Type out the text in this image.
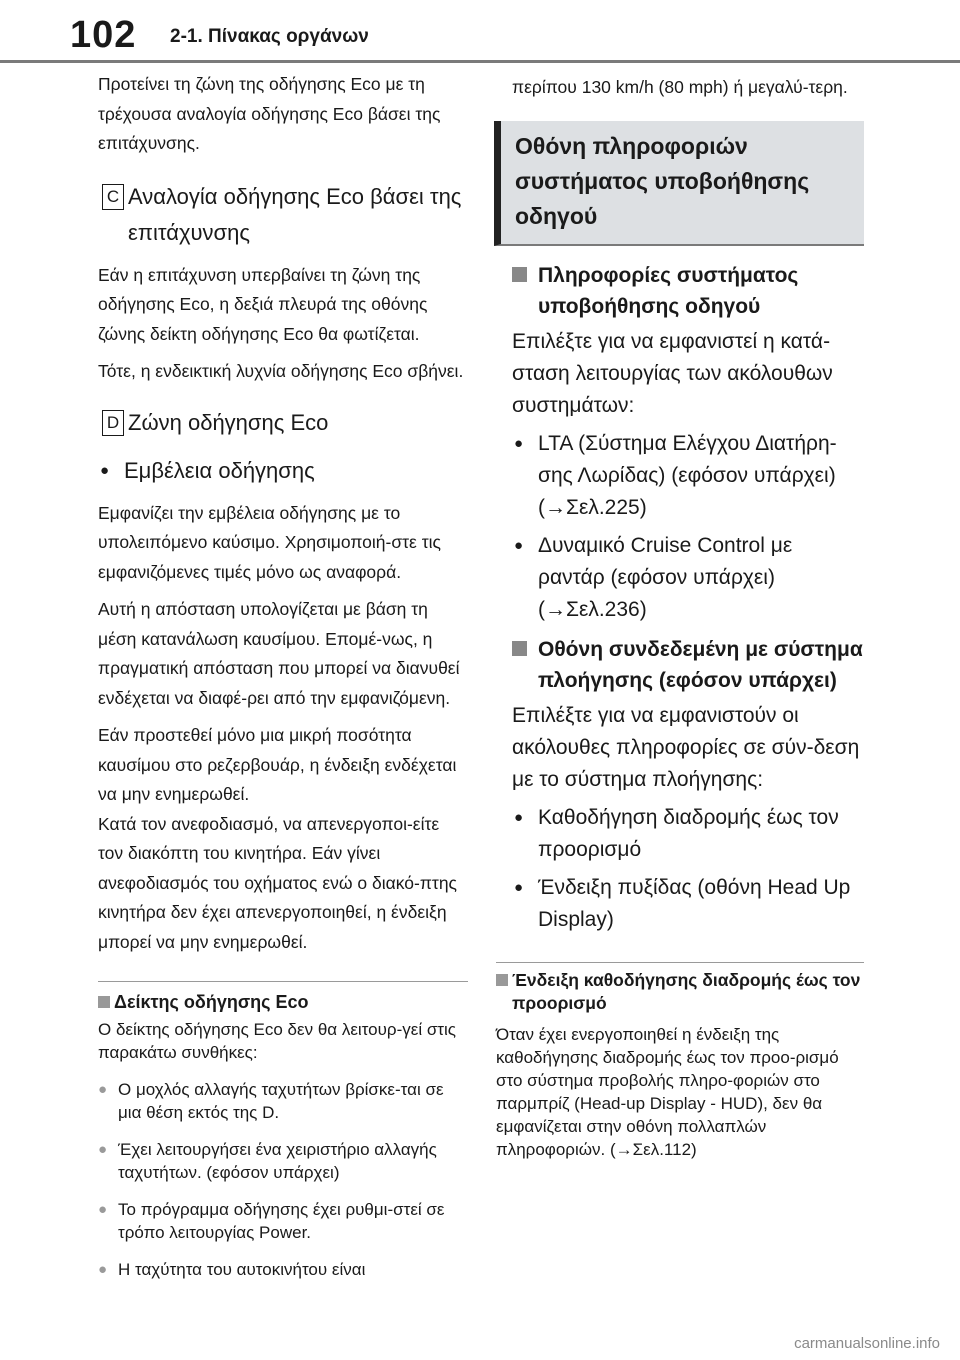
102 2-1. Πίνακας οργάνων

Προτείνει τη ζώνη της οδήγησης Eco με τη τρέχουσα αναλογία οδήγησης Eco βάσει της επιτάχυνσης.

C Αναλογία οδήγησης Eco βάσει της επιτάχυνσης

Εάν η επιτάχυνση υπερβαίνει τη ζώνη της οδήγησης Eco, η δεξιά πλευρά της οθόνης ζώνης δείκτη οδήγησης Eco θα φωτίζεται.

Τότε, η ενδεικτική λυχνία οδήγησης Eco σβήνει.

D Ζώνη οδήγησης Eco
● Εμβέλεια οδήγησης

Εμφανίζει την εμβέλεια οδήγησης με το υπολειπόμενο καύσιμο. Χρησιμοποιή-στε τις εμφανιζόμενες τιμές μόνο ως αναφορά.

Αυτή η απόσταση υπολογίζεται με βάση τη μέση κατανάλωση καυσίμου. Επομέ-νως, η πραγματική απόσταση που μπορεί να διανυθεί ενδέχεται να διαφέ-ρει από την εμφανιζόμενη.

Εάν προστεθεί μόνο μια μικρή ποσότητα καυσίμου στο ρεζερβουάρ, η ένδειξη ενδέχεται να μην ενημερωθεί.

Κατά τον ανεφοδιασμό, να απενεργοποι-είτε τον διακόπτη του κινητήρα. Εάν γίνει ανεφοδιασμός του οχήματος ενώ ο διακό-πτης κινητήρα δεν έχει απενεργοποιηθεί, η ένδειξη μπορεί να μην ενημερωθεί.

Δείκτης οδήγησης Eco

Ο δείκτης οδήγησης Eco δεν θα λειτουρ-γεί στις παρακάτω συνθήκες:

● Ο μοχλός αλλαγής ταχυτήτων βρίσκε-ται σε μια θέση εκτός της D.
● Έχει λειτουργήσει ένα χειριστήριο αλλαγής ταχυτήτων. (εφόσον υπάρχει)
● Το πρόγραμμα οδήγησης έχει ρυθμι-στεί σε τρόπο λειτουργίας Power.
● Η ταχύτητα του αυτοκινήτου είναι

περίπου 130 km/h (80 mph) ή μεγαλύ-τερη.

Οθόνη πληροφοριών συστήματος υποβοήθησης οδηγού
Πληροφορίες συστήματος υποβοήθησης οδηγού

Επιλέξτε για να εμφανιστεί η κατά-σταση λειτουργίας των ακόλουθων συστημάτων:

● LTA (Σύστημα Ελέγχου Διατήρη-σης Λωρίδας) (εφόσον υπάρχει) (→Σελ.225)
● Δυναμικό Cruise Control με ραντάρ (εφόσον υπάρχει) (→Σελ.236)
Οθόνη συνδεδεμένη με σύστημα πλοήγησης (εφόσον υπάρχει)

Επιλέξτε για να εμφανιστούν οι ακόλουθες πληροφορίες σε σύν-δεση με το σύστημα πλοήγησης:

● Καθοδήγηση διαδρομής έως τον προορισμό
● Ένδειξη πυξίδας (οθόνη Head Up Display)
Ένδειξη καθοδήγησης διαδρομής έως τον προορισμό

Όταν έχει ενεργοποιηθεί η ένδειξη της καθοδήγησης διαδρομής έως τον προο-ρισμό στο σύστημα προβολής πληρο-φοριών στο παρμπρίζ (Head-up Display - HUD), δεν θα εμφανίζεται στην οθόνη πολλαπλών πληροφοριών. (→Σελ.112)

carmanualsonline.info
